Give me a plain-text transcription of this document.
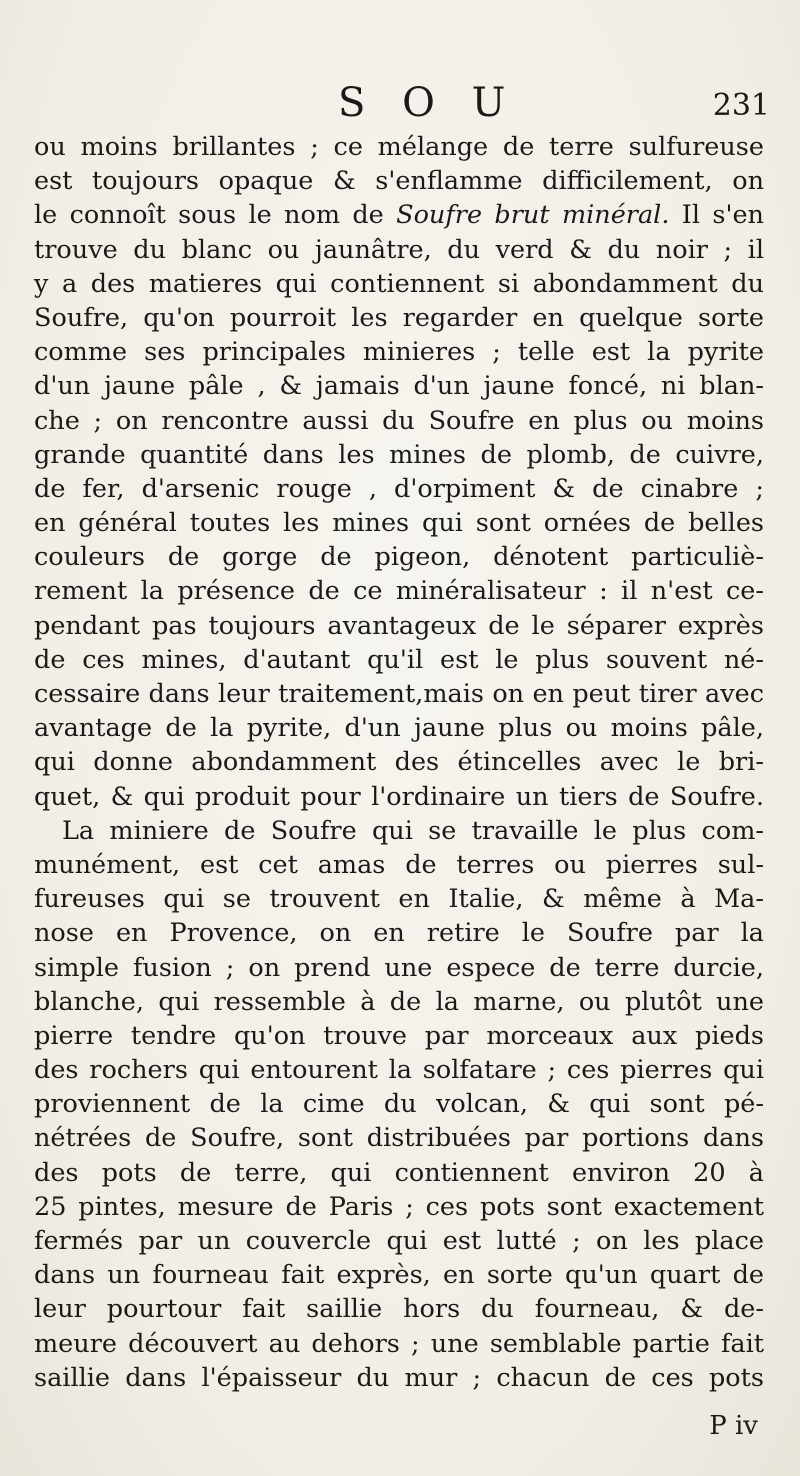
S O U	231
ou moins brillantes ; ce mélange de terre sulfureuse
est toujours opaque & s'enflamme difficilement, on
le connoît sous le nom de Soufre brut minéral. Il s'en
trouve du blanc ou jaunâtre, du verd & du noir ; il
y a des matieres qui contiennent si abondamment du
Soufre, qu'on pourroit les regarder en quelque sorte
comme ses principales minieres ; telle est la pyrite
d'un jaune pâle , & jamais d'un jaune foncé, ni blan-
che ; on rencontre aussi du Soufre en plus ou moins
grande quantité dans les mines de plomb, de cuivre,
de fer, d'arsenic rouge , d'orpiment & de cinabre ;
en général toutes les mines qui sont ornées de belles
couleurs de gorge de pigeon, dénotent particuliè-
rement la présence de ce minéralisateur : il n'est ce-
pendant pas toujours avantageux de le séparer exprès
de ces mines, d'autant qu'il est le plus souvent né-
cessaire dans leur traitement,mais on en peut tirer avec
avantage de la pyrite, d'un jaune plus ou moins pâle,
qui donne abondamment des étincelles avec le bri-
quet, & qui produit pour l'ordinaire un tiers de Soufre.
La miniere de Soufre qui se travaille le plus com-
munément, est cet amas de terres ou pierres sul-
fureuses qui se trouvent en Italie, & même à Ma-
nose en Provence, on en retire le Soufre par la
simple fusion ; on prend une espece de terre durcie,
blanche, qui ressemble à de la marne, ou plutôt une
pierre tendre qu'on trouve par morceaux aux pieds
des rochers qui entourent la solfatare ; ces pierres qui
proviennent de la cime du volcan, & qui sont pé-
nétrées de Soufre, sont distribuées par portions dans
des pots de terre, qui contiennent environ 20 à
25 pintes, mesure de Paris ; ces pots sont exactement
fermés par un couvercle qui est lutté ; on les place
dans un fourneau fait exprès, en sorte qu'un quart de
leur pourtour fait saillie hors du fourneau, & de-
meure découvert au dehors ; une semblable partie fait
saillie dans l'épaisseur du mur ; chacun de ces pots
P iv
